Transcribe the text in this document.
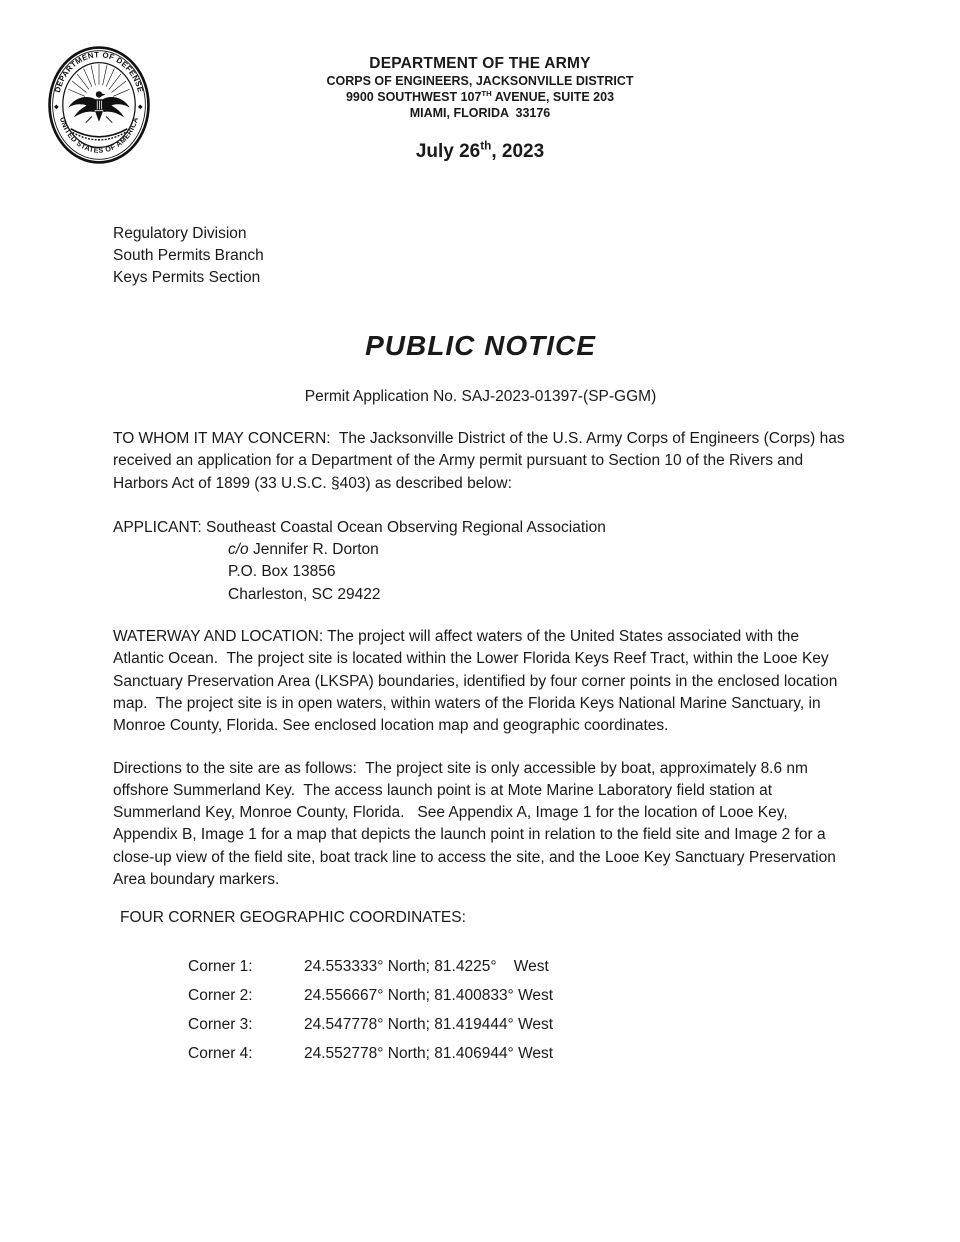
DEPARTMENT OF DEFENSE
UNITED STATES OF AMERICA
◆	◆
DEPARTMENT OF THE ARMY
CORPS OF ENGINEERS, JACKSONVILLE DISTRICT
9900 SOUTHWEST 107TH AVENUE, SUITE 203
MIAMI, FLORIDA  33176
July 26th, 2023
Regulatory Division
South Permits Branch
Keys Permits Section
PUBLIC NOTICE
Permit Application No. SAJ-2023-01397-(SP-GGM)

TO WHOM IT MAY CONCERN:  The Jacksonville District of the U.S. Army Corps of Engineers (Corps) has received an application for a Department of the Army permit pursuant to Section 10 of the Rivers and Harbors Act of 1899 (33 U.S.C. §403) as described below:

APPLICANT: Southeast Coastal Ocean Observing Regional Association
c/o Jennifer R. Dorton
P.O. Box 13856
Charleston, SC 29422

WATERWAY AND LOCATION: The project will affect waters of the United States associated with the Atlantic Ocean.  The project site is located within the Lower Florida Keys Reef Tract, within the Looe Key Sanctuary Preservation Area (LKSPA) boundaries, identified by four corner points in the enclosed location map.  The project site is in open waters, within waters of the Florida Keys National Marine Sanctuary, in Monroe County, Florida. See enclosed location map and geographic coordinates.

Directions to the site are as follows:  The project site is only accessible by boat, approximately 8.6 nm offshore Summerland Key.  The access launch point is at Mote Marine Laboratory field station at Summerland Key, Monroe County, Florida.   See Appendix A, Image 1 for the location of Looe Key, Appendix B, Image 1 for a map that depicts the launch point in relation to the field site and Image 2 for a close-up view of the field site, boat track line to access the site, and the Looe Key Sanctuary Preservation Area boundary markers.

FOUR CORNER GEOGRAPHIC COORDINATES:
Corner 1:	24.553333° North; 81.4225°    West
Corner 2:	24.556667° North; 81.400833° West
Corner 3:	24.547778° North; 81.419444° West
Corner 4:	24.552778° North; 81.406944° West
